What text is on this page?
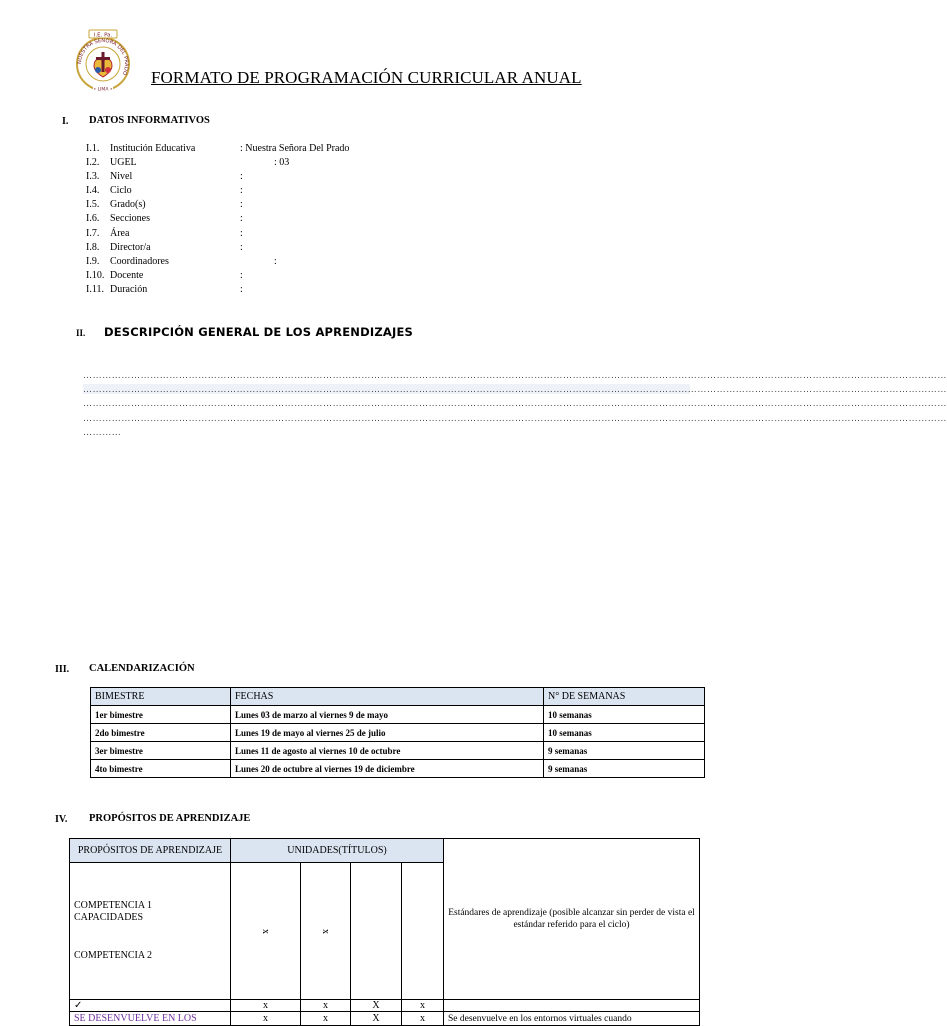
NUESTRA SEÑORA DEL PRADO
I.E. Pa.
• LIMA •
FORMATO DE PROGRAMACIÓN CURRICULAR ANUAL
I. DATOS INFORMATIVOS
I.1. Institución Educativa	: Nuestra Señora Del Prado
I.2. UGEL	: 03
I.3. Nivel	:
I.4. Ciclo	:
I.5. Grado(s)	:
I.6. Secciones	:
I.7. Área	:
I.8. Director/a	:
I.9. Coordinadores	:
I.10. Docente	:
I.11. Duración	:
II. DESCRIPCIÓN GENERAL DE LOS APRENDIZAJES
………………………………………………………………………………………………………………………………………………………………………………………………………………………………………………
………………………………………………………………………………………………………………………………………………………………………………………………………………………………………………
………………………………………………………………………………………………………………………………………………………………………………………………………………………………………………
………………………………………………………………………………………………………………………………………………………………………………………………………………………………………………
…………
III. CALENDARIZACIÓN
BIMESTRE	FECHAS	N° DE SEMANAS
1er bimestre	Lunes 03 de marzo al viernes 9 de mayo	10 semanas
2do bimestre	Lunes 19 de mayo al viernes 25 de julio	10 semanas
3er bimestre	Lunes 11 de agosto al viernes 10 de octubre	9 semanas
4to bimestre	Lunes 20 de octubre al viernes 19 de diciembre	9 semanas
IV. PROPÓSITOS DE APRENDIZAJE
PROPÓSITOS DE APRENDIZAJE	UNIDADES(TÍTULOS)				Estándares de aprendizaje (posible alcanzar sin perder de vista el estándar referido para el ciclo)

COMPETENCIA 1
CAPACIDADES
COMPETENCIA 2	x	x			
✓	x	x	X	x	
SE DESENVUELVE EN LOS	x	x	X	x	Se desenvuelve en los entornos virtuales cuando
